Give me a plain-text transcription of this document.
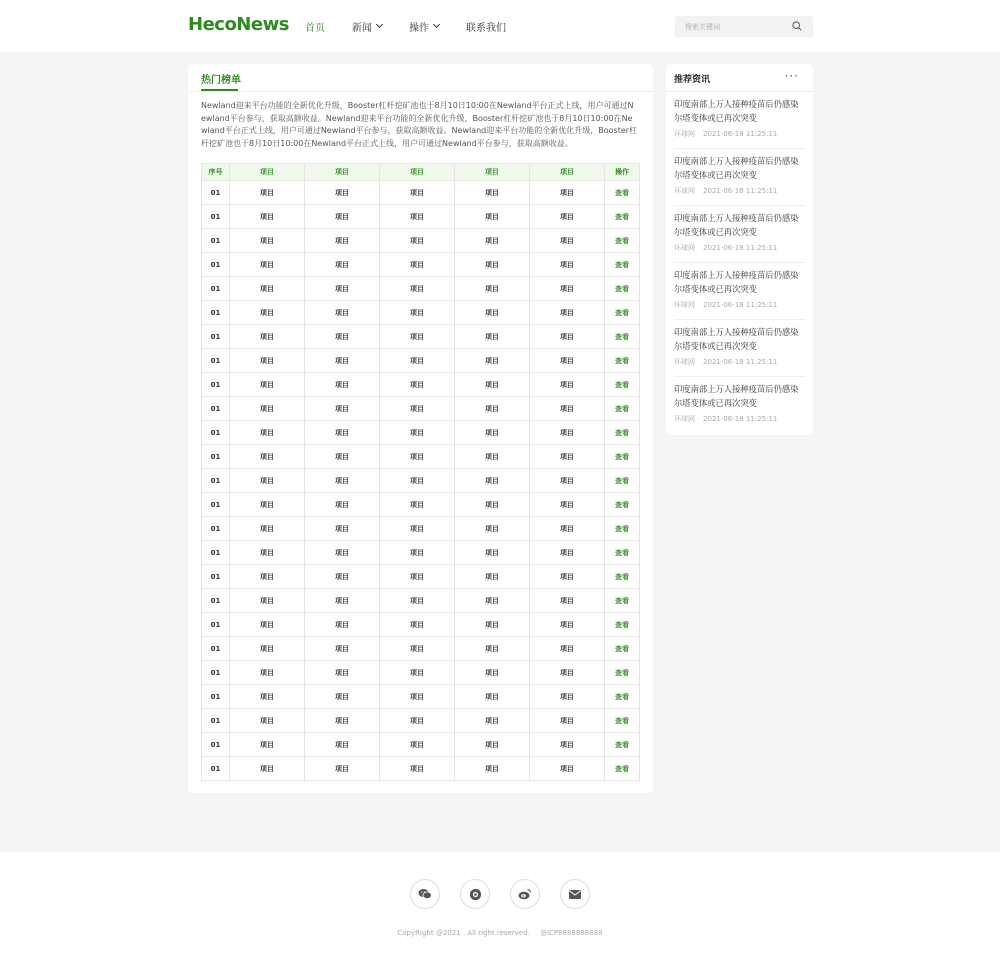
HecoNews 首页	新闻	操作	联系我们
搜索关键词
热门榜单

Newland迎来平台功能的全新优化升级，Booster杠杆挖矿池也于8月10日10:00在Newland平台正式上线，用户可通过Newland平台参与，获取高额收益。Newland迎来平台功能的全新优化升级，Booster杠杆挖矿池也于8月10日10:00在Newland平台正式上线，用户可通过Newland平台参与，获取高额收益。Newland迎来平台功能的全新优化升级，Booster杠杆挖矿池也于8月10日10:00在Newland平台正式上线，用户可通过Newland平台参与，获取高额收益。

序号	项目	项目	项目	项目	项目	操作
01	项目	项目	项目	项目	项目	查看
01	项目	项目	项目	项目	项目	查看
01	项目	项目	项目	项目	项目	查看
01	项目	项目	项目	项目	项目	查看
01	项目	项目	项目	项目	项目	查看
01	项目	项目	项目	项目	项目	查看
01	项目	项目	项目	项目	项目	查看
01	项目	项目	项目	项目	项目	查看
01	项目	项目	项目	项目	项目	查看
01	项目	项目	项目	项目	项目	查看
01	项目	项目	项目	项目	项目	查看
01	项目	项目	项目	项目	项目	查看
01	项目	项目	项目	项目	项目	查看
01	项目	项目	项目	项目	项目	查看
01	项目	项目	项目	项目	项目	查看
01	项目	项目	项目	项目	项目	查看
01	项目	项目	项目	项目	项目	查看
01	项目	项目	项目	项目	项目	查看
01	项目	项目	项目	项目	项目	查看
01	项目	项目	项目	项目	项目	查看
01	项目	项目	项目	项目	项目	查看
01	项目	项目	项目	项目	项目	查看
01	项目	项目	项目	项目	项目	查看
01	项目	项目	项目	项目	项目	查看
01	项目	项目	项目	项目	项目	查看
推荐资讯	···
印度南部上万人接种疫苗后仍感染尔塔变体或已再次突变
环球网 2021-06-18 11:25:11
印度南部上万人接种疫苗后仍感染尔塔变体或已再次突变
环球网 2021-06-18 11:25:11
印度南部上万人接种疫苗后仍感染尔塔变体或已再次突变
环球网 2021-06-18 11:25:11
印度南部上万人接种疫苗后仍感染尔塔变体或已再次突变
环球网 2021-06-18 11:25:11
印度南部上万人接种疫苗后仍感染尔塔变体或已再次突变
环球网 2021-06-18 11:25:11
印度南部上万人接种疫苗后仍感染尔塔变体或已再次突变
环球网 2021-06-18 11:25:11
CopyRight @2021 . All right reserved. 备ICP8888888888
